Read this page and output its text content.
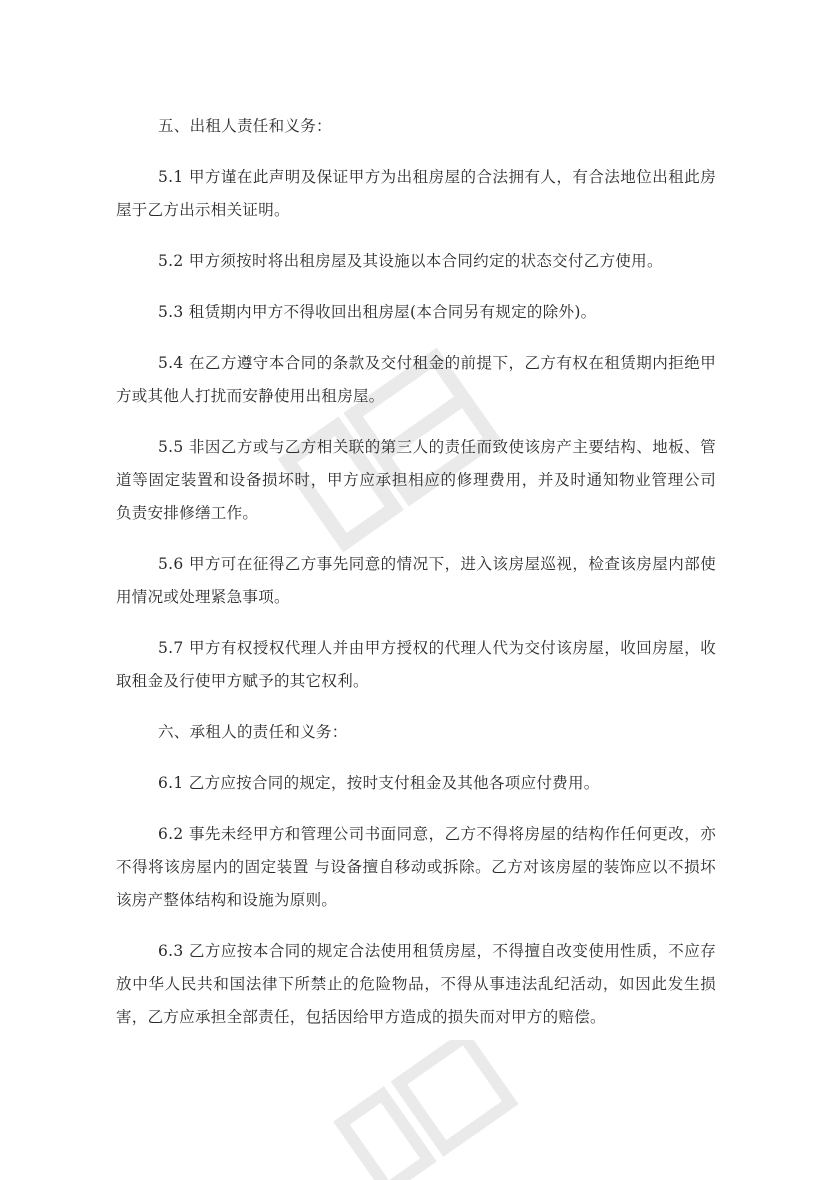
五、出租人责任和义务：

5.1 甲方谨在此声明及保证甲方为出租房屋的合法拥有人，有合法地位出租此房屋于乙方出示相关证明。

5.2 甲方须按时将出租房屋及其设施以本合同约定的状态交付乙方使用。

5.3 租赁期内甲方不得收回出租房屋(本合同另有规定的除外)。

5.4 在乙方遵守本合同的条款及交付租金的前提下，乙方有权在租赁期内拒绝甲方或其他人打扰而安静使用出租房屋。

5.5 非因乙方或与乙方相关联的第三人的责任而致使该房产主要结构、地板、管道等固定装置和设备损坏时，甲方应承担相应的修理费用，并及时通知物业管理公司负责安排修缮工作。

5.6 甲方可在征得乙方事先同意的情况下，进入该房屋巡视，检查该房屋内部使用情况或处理紧急事项。

5.7 甲方有权授权代理人并由甲方授权的代理人代为交付该房屋，收回房屋，收取租金及行使甲方赋予的其它权利。

六、承租人的责任和义务：

6.1 乙方应按合同的规定，按时支付租金及其他各项应付费用。

6.2 事先未经甲方和管理公司书面同意，乙方不得将房屋的结构作任何更改，亦不得将该房屋内的固定装置 与设备擅自移动或拆除。乙方对该房屋的装饰应以不损坏该房产整体结构和设施为原则。

6.3 乙方应按本合同的规定合法使用租赁房屋，不得擅自改变使用性质，不应存放中华人民共和国法律下所禁止的危险物品，不得从事违法乱纪活动，如因此发生损害，乙方应承担全部责任，包括因给甲方造成的损失而对甲方的赔偿。
